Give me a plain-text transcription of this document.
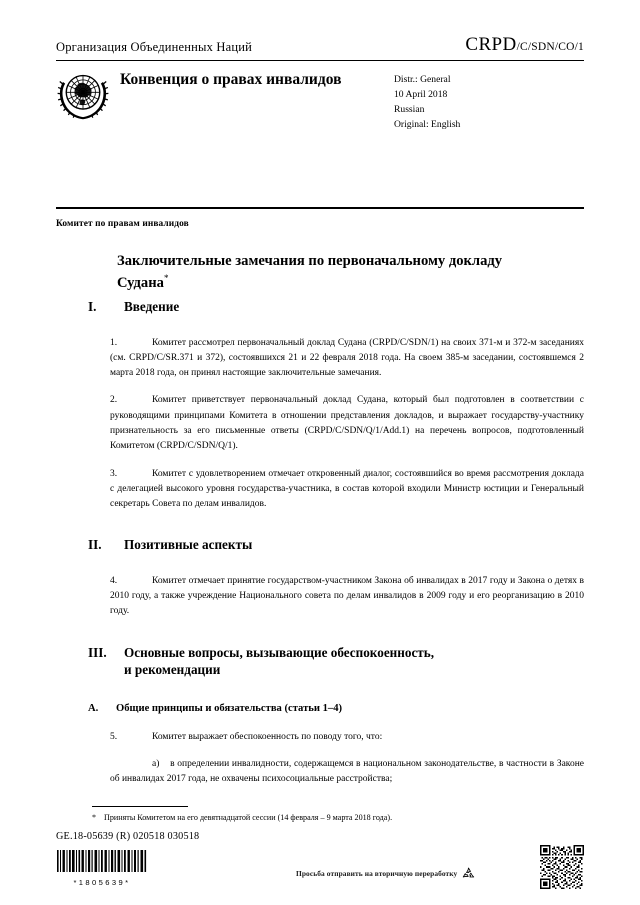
Организация Объединенных Наций	CRPD/C/SDN/CO/1
Конвенция о правах инвалидов	Distr.: General
10 April 2018
Russian
Original: English
Комитет по правам инвалидов
Заключительные замечания по первоначальному докладу Судана*
I.	Введение

1.	Комитет рассмотрел первоначальный доклад Судана (CRPD/C/SDN/1) на своих 371-м и 372-м заседаниях (см. CRPD/C/SR.371 и 372), состоявшихся 21 и 22 февраля 2018 года. На своем 385-м заседании, состоявшемся 2 марта 2018 года, он принял настоящие заключительные замечания.

2.	Комитет приветствует первоначальный доклад Судана, который был подготовлен в соответствии с руководящими принципами Комитета в отношении представления докладов, и выражает государству-участнику признательность за его письменные ответы (CRPD/C/SDN/Q/1/Add.1) на перечень вопросов, подготовленный Комитетом (CRPD/C/SDN/Q/1).

3.	Комитет с удовлетворением отмечает откровенный диалог, состоявшийся во время рассмотрения доклада с делегацией высокого уровня государства-участника, в состав которой входили Министр юстиции и Генеральный секретарь Совета по делам инвалидов.

II.	Позитивные аспекты

4.	Комитет отмечает принятие государством-участником Закона об инвалидах в 2017 году и Закона о детях в 2010 году, а также учреждение Национального совета по делам инвалидов в 2009 году и его реорганизацию в 2010 году.

III.	Основные вопросы, вызывающие обеспокоенность,
и рекомендации
A.	Общие принципы и обязательства (статьи 1–4)

5.	Комитет выражает обеспокоенность по поводу того, что:

a) в определении инвалидности, содержащемся в национальном законодательстве, в частности в Законе об инвалидах 2017 года, не охвачены психосоциальные расстройства;

* Приняты Комитетом на его девятнадцатой сессии (14 февраля – 9 марта 2018 года).
GE.18-05639 (R) 020518 030518
*1805639*
Просьба отправить на вторичную переработку
